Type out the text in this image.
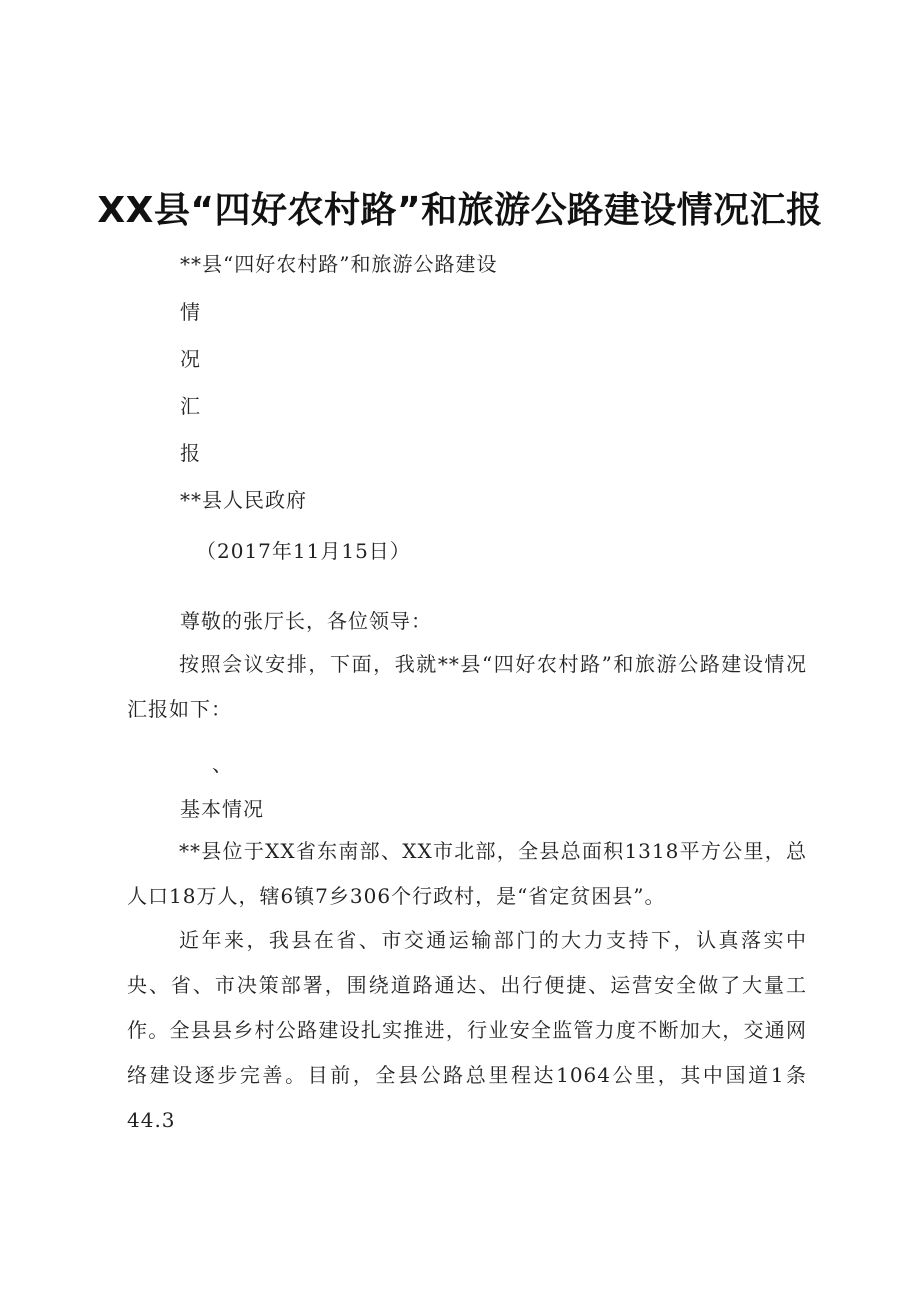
XX县“四好农村路”和旅游公路建设情况汇报
**县“四好农村路”和旅游公路建设
情
况
汇
报
**县人民政府
（2017年11月15日）
尊敬的张厅长，各位领导：
按照会议安排，下面，我就**县“四好农村路”和旅游公路建设情况汇报如下：
、
基本情况
**县位于XX省东南部、XX市北部，全县总面积1318平方公里，总人口18万人，辖6镇7乡306个行政村，是“省定贫困县”。
近年来，我县在省、市交通运输部门的大力支持下，认真落实中央、省、市决策部署，围绕道路通达、出行便捷、运营安全做了大量工作。全县县乡村公路建设扎实推进，行业安全监管力度不断加大，交通网络建设逐步完善。目前，全县公路总里程达1064公里，其中国道1条44.3
